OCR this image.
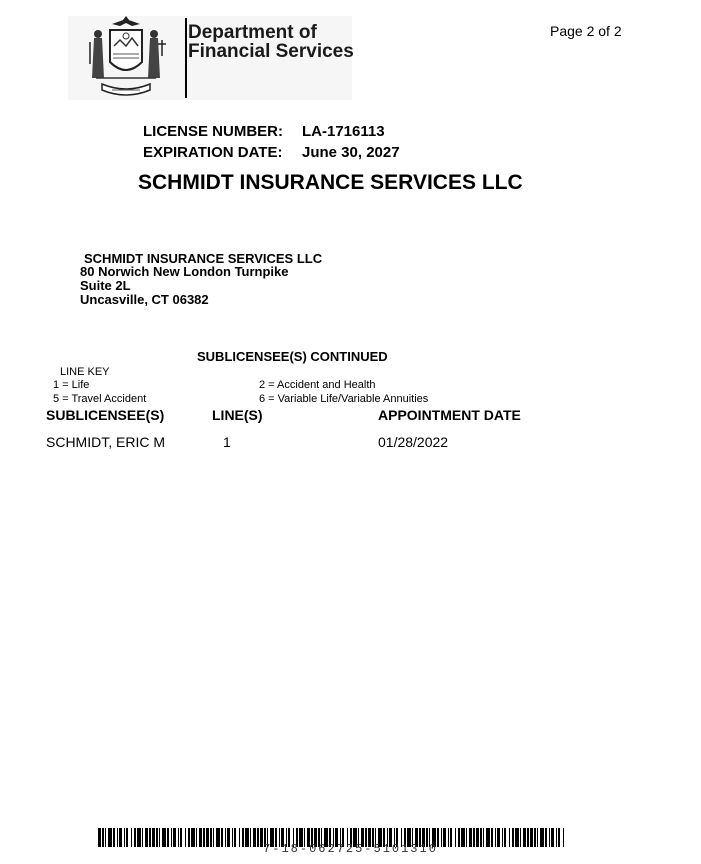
Department of
Financial Services
Page 2 of 2
LICENSE NUMBER: LA-1716113
EXPIRATION DATE: June 30, 2027
SCHMIDT INSURANCE SERVICES LLC
SCHMIDT INSURANCE SERVICES LLC
80 Norwich New London Turnpike
Suite 2L
Uncasville, CT 06382
SUBLICENSEE(S) CONTINUED
LINE KEY
1 = Life	2 = Accident and Health
5 = Travel Accident	6 = Variable Life/Variable Annuities
SUBLICENSEE(S)	LINE(S)	APPOINTMENT DATE
SCHMIDT, ERIC M	1	01/28/2022
7-18-062725-5101310
